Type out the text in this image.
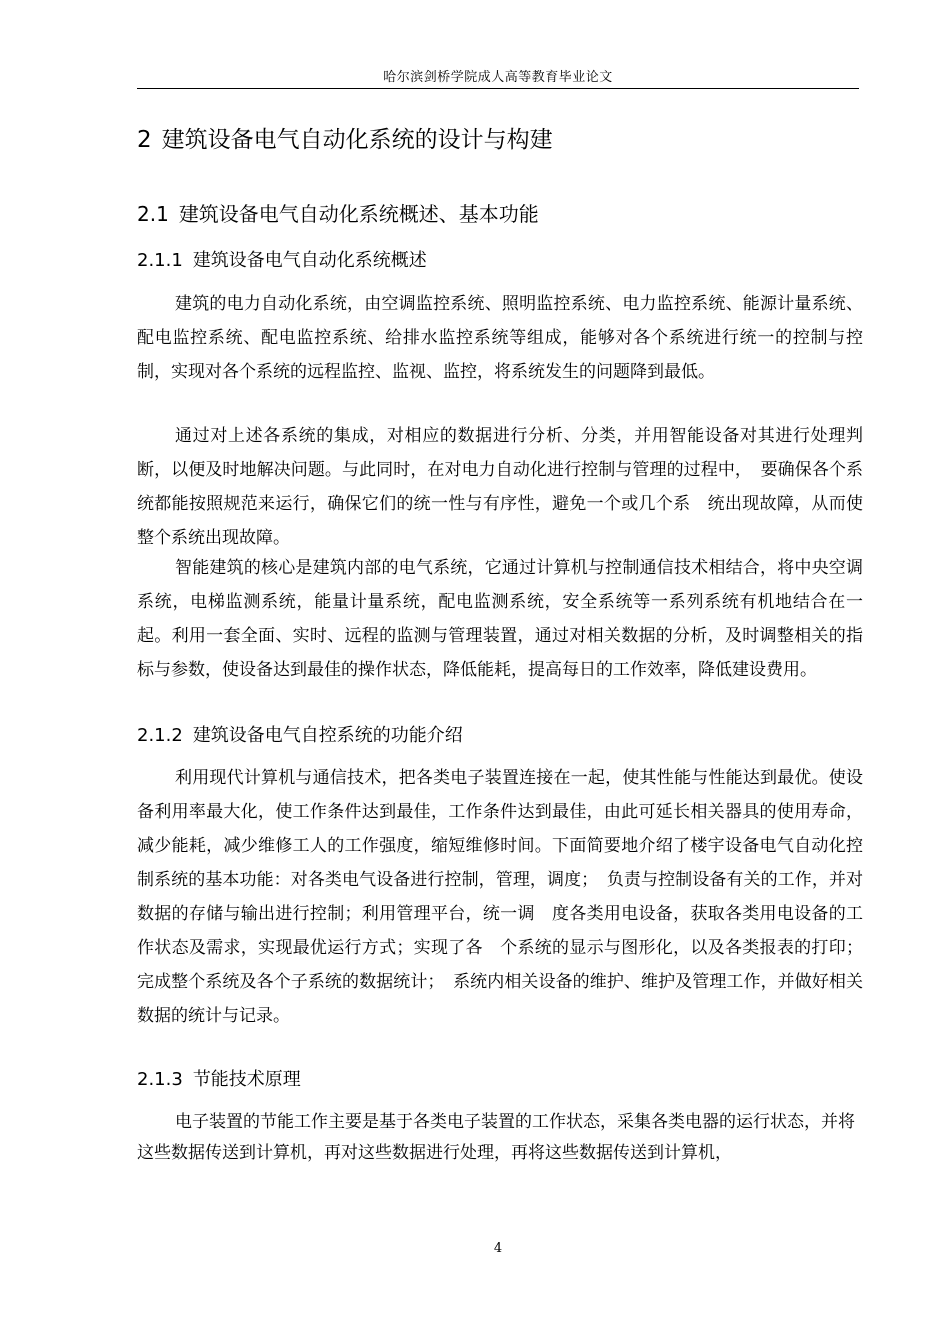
哈尔滨剑桥学院成人高等教育毕业论文
2 建筑设备电气自动化系统的设计与构建
2.1 建筑设备电气自动化系统概述、基本功能
2.1.1 建筑设备电气自动化系统概述
建筑的电力自动化系统，由空调监控系统、照明监控系统、电力监控系统、能源计量系统、配电监控系统、配电监控系统、给排水监控系统等组成，能够对各个系统进行统一的控制与控制，实现对各个系统的远程监控、监视、监控，将系统发生的问题降到最低。
通过对上述各系统的集成，对相应的数据进行分析、分类，并用智能设备对其进行处理判断，以便及时地解决问题。与此同时，在对电力自动化进行控制与管理的过程中，　要确保各个系统都能按照规范来运行，确保它们的统一性与有序性，避免一个或几个系　统出现故障，从而使整个系统出现故障。
智能建筑的核心是建筑内部的电气系统，它通过计算机与控制通信技术相结合，将中央空调系统，电梯监测系统，能量计量系统，配电监测系统，安全系统等一系列系统有机地结合在一起。利用一套全面、实时、远程的监测与管理装置，通过对相关数据的分析，及时调整相关的指标与参数，使设备达到最佳的操作状态，降低能耗，提高每日的工作效率，降低建设费用。
2.1.2 建筑设备电气自控系统的功能介绍
利用现代计算机与通信技术，把各类电子装置连接在一起，使其性能与性能达到最优。使设备利用率最大化，使工作条件达到最佳，工作条件达到最佳，由此可延长相关器具的使用寿命，减少能耗，减少维修工人的工作强度，缩短维修时间。下面简要地介绍了楼宇设备电气自动化控制系统的基本功能：对各类电气设备进行控制，管理，调度；　负责与控制设备有关的工作，并对数据的存储与输出进行控制；利用管理平台，统一调　度各类用电设备，获取各类用电设备的工作状态及需求，实现最优运行方式；实现了各　个系统的显示与图形化，以及各类报表的打印；完成整个系统及各个子系统的数据统计；　系统内相关设备的维护、维护及管理工作，并做好相关数据的统计与记录。
2.1.3 节能技术原理
电子装置的节能工作主要是基于各类电子装置的工作状态，采集各类电器的运行状态，并将这些数据传送到计算机，再对这些数据进行处理，再将这些数据传送到计算机，
4
